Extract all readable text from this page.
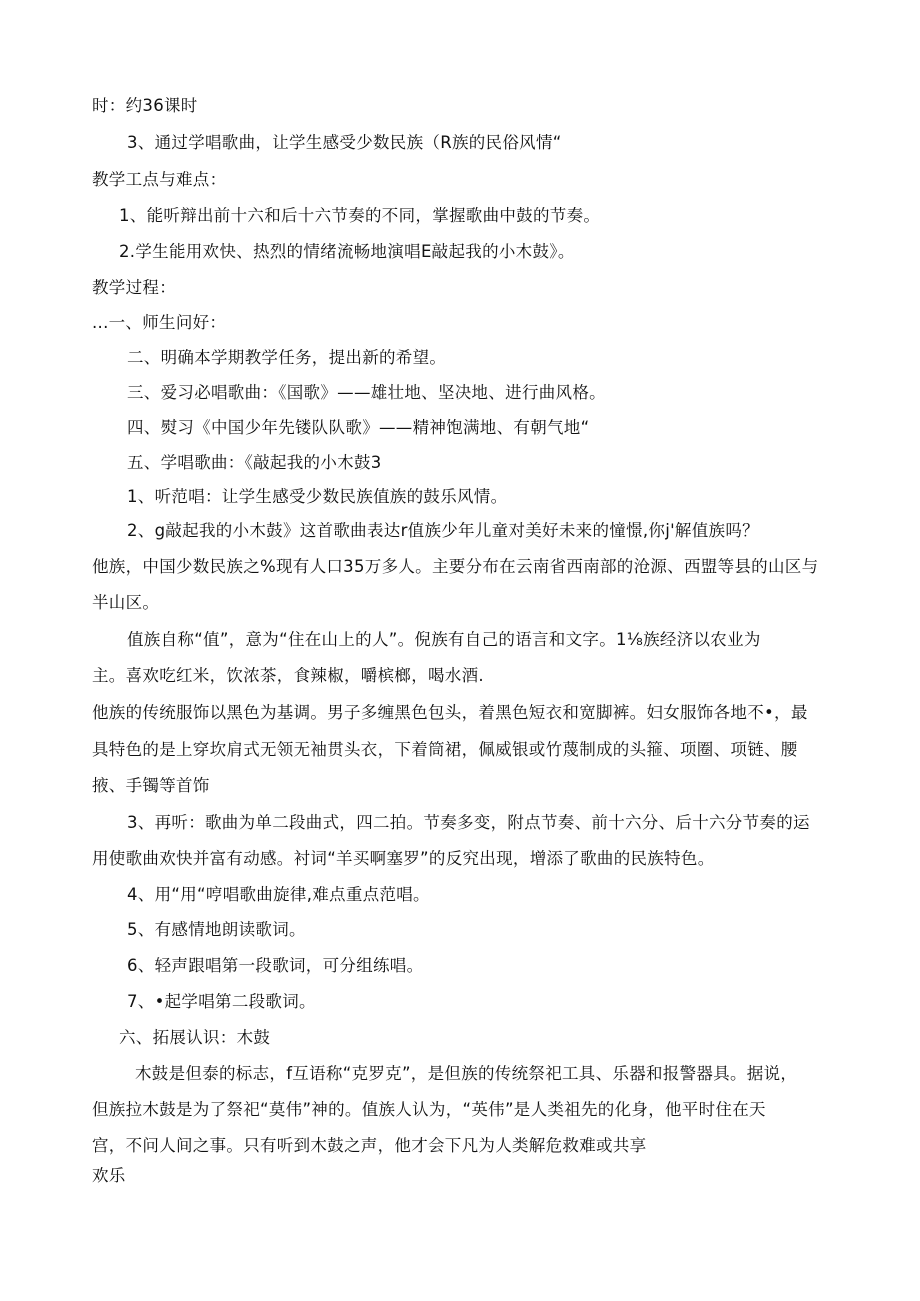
时：约36课时
3、通过学唱歌曲，让学生感受少数民族（R族的民俗风情“
教学工点与难点：
1、能听辩出前十六和后十六节奏的不同，掌握歌曲中鼓的节奏。
2.学生能用欢快、热烈的情绪流畅地演唱E敲起我的小木鼓》。
教学过程：
...一、师生问好：
二、明确本学期教学任务，提出新的希望。
三、爱习必唱歌曲：《国歌》——雄壮地、坚决地、进行曲风格。
四、熨习《中国少年先镂队队歌》——精神饱满地、有朝气地“
五、学唱歌曲：《敲起我的小木鼓3
1、听范唱：让学生感受少数民族值族的鼓乐风情。
2、g敲起我的小木鼓》这首歌曲表达r值族少年儿童对美好未来的憧憬,你j'解值族吗？
他族，中国少数民族之%现有人口35万多人。主要分布在云南省西南部的沧源、西盟等县的山区与
半山区。
值族自称“值”，意为“住在山上的人”。倪族有自己的语言和文字。1⅛族经济以农业为
主。喜欢吃红米，饮浓茶，食辣椒，嚼槟榔，喝水酒.
他族的传统服饰以黑色为基调。男子多缠黑色包头，着黑色短衣和宽脚裤。妇女服饰各地不•，最
具特色的是上穿坎肩式无领无袖贯头衣，下着筒裙，佩威银或竹蔑制成的头箍、项圈、项链、腰
掖、手镯等首饰
3、再听：歌曲为单二段曲式，四二拍。节奏多变，附点节奏、前十六分、后十六分节奏的运
用使歌曲欢快并富有动感。衬词“羊买啊塞罗”的反究出现，增添了歌曲的民族特色。
4、用“用“哼唱歌曲旋律,难点重点范唱。
5、有感情地朗读歌词。
6、轻声跟唱第一段歌词，可分组练唱。
7、•起学唱第二段歌词。
六、拓展认识：木鼓
木鼓是但泰的标志，f互语称“克罗克”，是但族的传统祭祀工具、乐器和报警器具。据说，
但族拉木鼓是为了祭祀“莫伟”神的。值族人认为，“英伟”是人类祖先的化身，他平时住在天
宫，不问人间之事。只有听到木鼓之声，他才会下凡为人类解危救难或共享
欢乐
